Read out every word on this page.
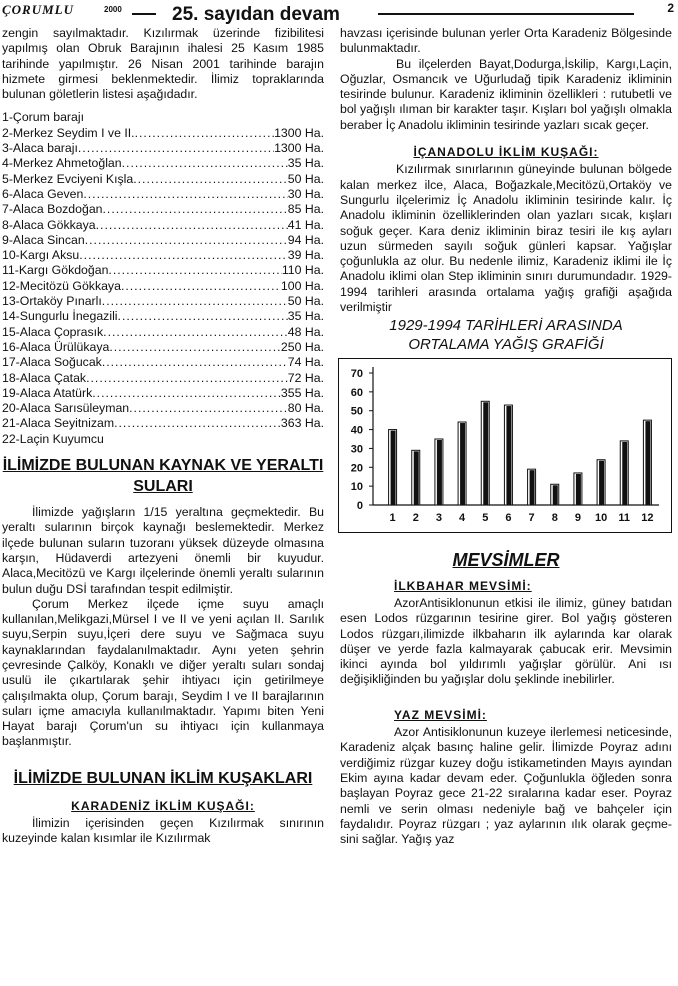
ÇORUMLU	2000	25. sayıdan devam	2

zengin sayılmaktadır. Kızılırmak üzerinde fizibilitesi yapılmış olan Obruk Barajının ihalesi 25 Kasım 1985 tarihinde yapılmıştır. 26 Nisan 2001 tarihinde barajın hizmete girmesi beklenmektedir. İlimiz topraklarında bulunan göletlerin listesi aşağıdadır.

1-Çorum barajı
2-Merkez Seydim I ve II. .....	1300 Ha.
3-Alaca barajı .....	1300 Ha.
4-Merkez Ahmetoğlan .....	35 Ha.
5-Merkez Evciyeni Kışla .....	50 Ha.
6-Alaca Geven .....	30 Ha.
7-Alaca Bozdoğan .....	85 Ha.
8-Alaca Gökkaya .....	41 Ha.
9-Alaca Sincan .....	94 Ha.
10-Kargı Aksu .....	39 Ha.
11-Kargı Gökdoğan .....	110 Ha.
12-Mecitözü Gökkaya .....	100 Ha.
13-Ortaköy Pınarlı .....	50 Ha.
14-Sungurlu İnegazili .....	35 Ha.
15-Alaca Çoprasık .....	48 Ha.
16-Alaca Ürülükaya .....	250 Ha.
17-Alaca Soğucak .....	74 Ha.
18-Alaca Çatak .....	72 Ha.
19-Alaca Atatürk .....	355 Ha.
20-Alaca Sarısüleyman .....	80 Ha.
21-Alaca Seyitnizam .....	363 Ha.
22-Laçin Kuyumcu
İLİMİZDE BULUNAN KAYNAK VE YERALTI SULARI

İlimizde yağışların 1/15 yeraltına geçmektedir. Bu yeraltı sularının birçok kaynağı beslemektedir. Merkez ilçede bulunan suların tuzoranı yüksek düzeyde olmasına karşın, Hüdaverdi artezyeni önemli bir kuyudur. Alaca,Mecitözü ve Kargı ilçelerinde önemli yeraltı sularının bulun duğu DSİ tarafından tespit edilmiştir.

Çorum Merkez ilçede içme suyu amaçlı kullanılan,Melikgazi,Mürsel I ve II ve yeni açılan II. Sarılık suyu,Serpin suyu,İçeri dere suyu ve Sağmaca suyu kaynaklarından faydalanılmaktadır. Aynı yeten şehrin çevresinde Çalköy, Konaklı ve diğer yeraltı suları sondaj usulü ile çıkartılarak şehir ihtiyacı için getirilmeye çalışılmakta olup, Çorum barajı, Seydim I ve II barajlarının suları içme amacıyla kullanılmaktadır. Yapımı biten Yeni Hayat barajı Çorum'un su ihtiyacı için kullanmaya başlanmıştır.

İLİMİZDE BULUNAN İKLİM KUŞAKLARI
KARADENİZ İKLİM KUŞAĞI:

İlimizin içerisinden geçen Kızılırmak sınırının kuzeyinde kalan kısımlar ile Kızılırmak

havzası içerisinde bulunan yerler Orta Karadeniz Bölgesinde bulunmaktadır.

Bu ilçelerden Bayat,Dodurga,İskilip, Kargı,Laçin, Oğuzlar, Osmancık ve Uğurludağ tipik Karadeniz ikliminin tesirinde bulunur. Karadeniz ikliminin özellikleri : rutubetli ve bol yağışlı ılıman bir karakter taşır. Kışları bol yağışlı olmakla beraber İç Anadolu ikliminin tesirinde yazları sıcak geçer.

İÇANADOLU İKLİM KUŞAĞI:

Kızılırmak sınırlarının güneyinde bulunan bölgede kalan merkez ilce, Alaca, Boğazkale,Mecitözü,Ortaköy ve Sungurlu ilçelerimiz İç Anadolu ikliminin tesirinde kalır. İç Anadolu ikliminin özelliklerinden olan yazları sıcak, kışları soğuk geçer. Kara deniz ikliminin biraz tesiri ile kış ayları uzun sürmeden sayılı soğuk günleri kapsar. Yağışlar çoğunlukla az olur. Bu nedenle ilimiz, Karadeniz iklimi ile İç Anadolu iklimi olan Step ikliminin sınırı durumundadır. 1929-1994 tarihleri arasında ortalama yağış grafiği aşağıda verilmiştir

1929-1994 TARİHLERİ ARASINDA
ORTALAMA YAĞIŞ GRAFİĞİ
0
10
20
30
40
50
60
70
1 2 3 4 5 6 7 8 9 10 11 12
MEVSİMLER
İLKBAHAR MEVSİMİ:

AzorAntisiklonunun etkisi ile ilimiz, güney batıdan esen Lodos rüzgarının tesirine girer. Bol yağış gösteren Lodos rüzgarı,ilimizde ilkbaharın ilk aylarında kar olarak düşer ve yerde fazla kalmayarak çabucak erir. Mevsimin ikinci ayında bol yıldırımlı yağışlar görülür. Ani ısı değişikliğinden bu yağışlar dolu şeklinde inebilirler.

YAZ MEVSİMİ:

Azor Antisiklonunun kuzeye ilerlemesi neticesinde, Karadeniz alçak basınç haline gelir. İlimizde Poyraz adını verdiğimiz rüzgar kuzey doğu istikametinden Mayıs ayından Ekim ayına kadar devam eder. Çoğunlukla öğleden sonra başlayan Poyraz gece 21-22 sıralarına kadar eser. Poyraz nemli ve serin olması nedeniyle bağ ve bahçeler için faydalıdır. Poyraz rüzgarı ; yaz aylarının ılık olarak geçme-sini sağlar. Yağış yaz
